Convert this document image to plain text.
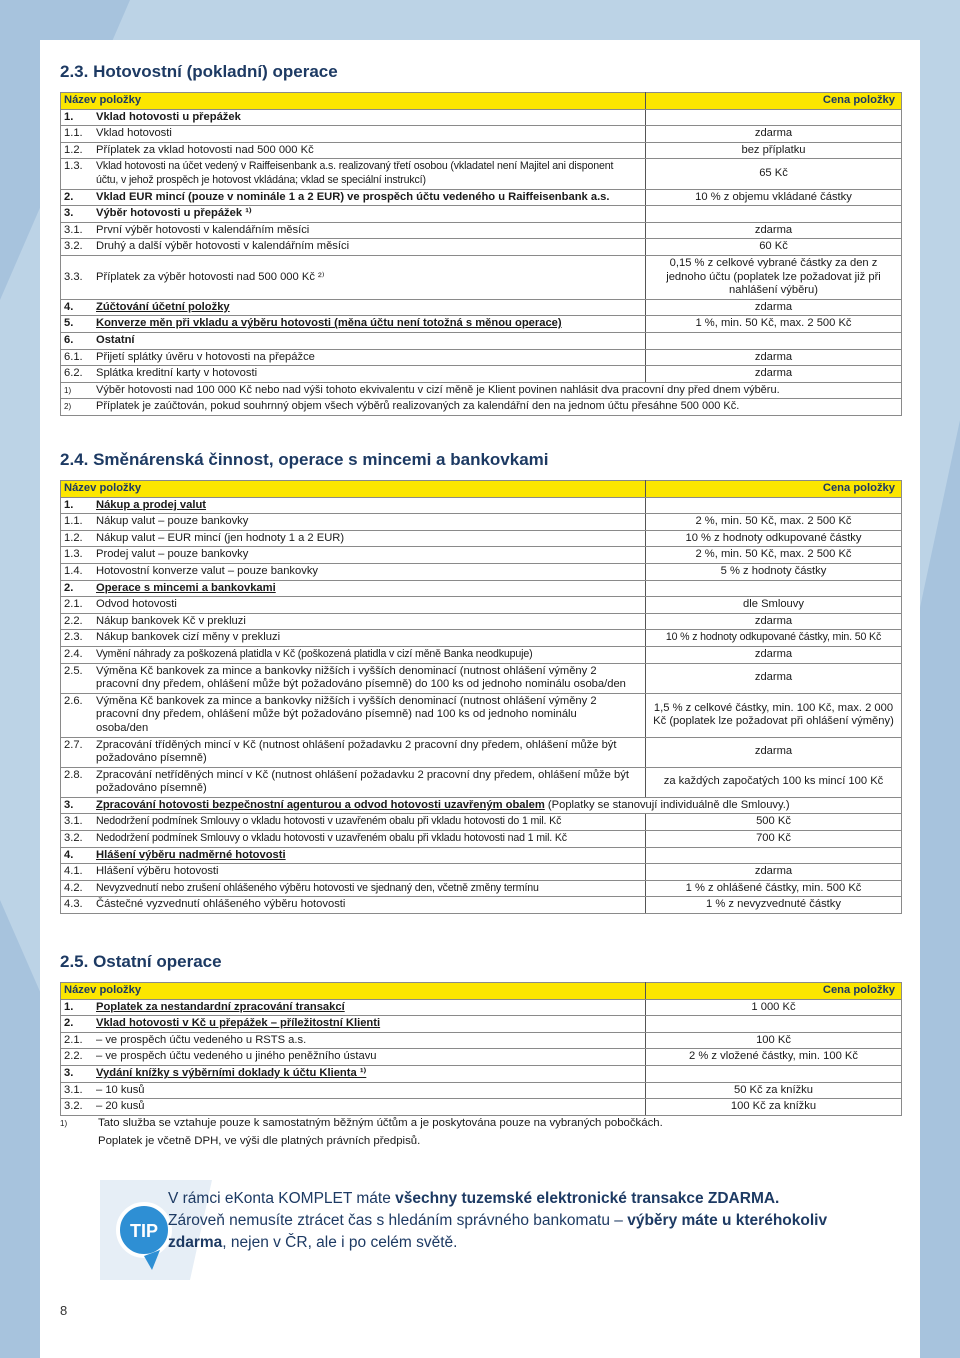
2.3. Hotovostní (pokladní) operace
Název položky	Cena položky
1. Vklad hotovosti u přepážek	
1.1. Vklad hotovosti	zdarma
1.2. Příplatek za vklad hotovosti nad 500 000 Kč	bez příplatku
1.3. Vklad hotovosti na účet vedený v Raiffeisenbank a.s. realizovaný třetí osobou (vkladatel není Majitel ani disponent účtu, v jehož prospěch je hotovost vkládána; vklad se speciální instrukcí)	65 Kč
2. Vklad EUR mincí (pouze v nominále 1 a 2 EUR) ve prospěch účtu vedeného u Raiffeisenbank a.s.	10 % z objemu vkládané částky
3. Výběr hotovosti u přepážek ¹⁾	
3.1. První výběr hotovosti v kalendářním měsíci	zdarma
3.2. Druhý a další výběr hotovosti v kalendářním měsíci	60 Kč
3.3. Příplatek za výběr hotovosti nad 500 000 Kč ²⁾	0,15 % z celkové vybrané částky za den z jednoho účtu (poplatek lze požadovat již při nahlášení výběru)
4. Zúčtování účetní položky	zdarma
5. Konverze měn při vkladu a výběru hotovosti (měna účtu není totožná s měnou operace)	1 %, min. 50 Kč, max. 2 500 Kč
6. Ostatní	
6.1. Přijetí splátky úvěru v hotovosti na přepážce	zdarma
6.2. Splátka kreditní karty v hotovosti	zdarma
1) Výběr hotovosti nad 100 000 Kč nebo nad výši tohoto ekvivalentu v cizí měně je Klient povinen nahlásit dva pracovní dny před dnem výběru.	
2) Příplatek je zaúčtován, pokud souhrnný objem všech výběrů realizovaných za kalendářní den na jednom účtu přesáhne 500 000 Kč.	
2.4. Směnárenská činnost, operace s mincemi a bankovkami
Název položky	Cena položky
1. Nákup a prodej valut	
1.1. Nákup valut – pouze bankovky	2 %, min. 50 Kč, max. 2 500 Kč
1.2. Nákup valut – EUR mincí (jen hodnoty 1 a 2 EUR)	10 % z hodnoty odkupované částky
1.3. Prodej valut – pouze bankovky	2 %, min. 50 Kč, max. 2 500 Kč
1.4. Hotovostní konverze valut – pouze bankovky	5 % z hodnoty částky
2. Operace s mincemi a bankovkami	
2.1. Odvod hotovosti	dle Smlouvy
2.2. Nákup bankovek Kč v prekluzi	zdarma
2.3. Nákup bankovek cizí měny v prekluzi	10 % z hodnoty odkupované částky, min. 50 Kč
2.4. Vymění náhrady za poškozená platidla v Kč (poškozená platidla v cizí měně Banka neodkupuje)	zdarma
2.5. Výměna Kč bankovek za mince a bankovky nižších i vyšších denominací (nutnost ohlášení výměny 2 pracovní dny předem, ohlášení může být požadováno písemně) do 100 ks od jednoho nominálu osoba/den	zdarma
2.6. Výměna Kč bankovek za mince a bankovky nižších i vyšších denominací (nutnost ohlášení výměny 2 pracovní dny předem, ohlášení může být požadováno písemně) nad 100 ks od jednoho nominálu osoba/den	1,5 % z celkové částky, min. 100 Kč, max. 2 000 Kč (poplatek lze požadovat při ohlášení výměny)
2.7. Zpracování tříděných mincí v Kč (nutnost ohlášení požadavku 2 pracovní dny předem, ohlášení může být požadováno písemně)	zdarma
2.8. Zpracování netříděných mincí v Kč (nutnost ohlášení požadavku 2 pracovní dny předem, ohlášení může být požadováno písemně)	za každých započatých 100 ks mincí 100 Kč
3. Zpracování hotovosti bezpečnostní agenturou a odvod hotovosti uzavřeným obalem (Poplatky se stanovují individuálně dle Smlouvy.)	
3.1. Nedodržení podmínek Smlouvy o vkladu hotovosti v uzavřeném obalu při vkladu hotovosti do 1 mil. Kč	500 Kč
3.2. Nedodržení podmínek Smlouvy o vkladu hotovosti v uzavřeném obalu při vkladu hotovosti nad 1 mil. Kč	700 Kč
4. Hlášení výběru nadměrné hotovosti	
4.1. Hlášení výběru hotovosti	zdarma
4.2. Nevyzvednutí nebo zrušení ohlášeného výběru hotovosti ve sjednaný den, včetně změny termínu	1 % z ohlášené částky, min. 500 Kč
4.3. Částečné vyzvednutí ohlášeného výběru hotovosti	1 % z nevyzvednuté částky
2.5. Ostatní operace
Název položky	Cena položky
1. Poplatek za nestandardní zpracování transakcí	1 000 Kč
2. Vklad hotovosti v Kč u přepážek – příležitostní Klienti	
2.1. – ve prospěch účtu vedeného u RSTS a.s.	100 Kč
2.2. – ve prospěch účtu vedeného u jiného peněžního ústavu	2 % z vložené částky, min. 100 Kč
3. Vydání knížky s výběrními doklady k účtu Klienta ¹⁾	
3.1. – 10 kusů	50 Kč za knížku
3.2. – 20 kusů	100 Kč za knížku
1)	Tato služba se vztahuje pouze k samostatným běžným účtům a je poskytována pouze na vybraných pobočkách.
Poplatek je včetně DPH, ve výši dle platných právních předpisů.
TIP
V rámci eKonta KOMPLET máte všechny tuzemské elektronické transakce ZDARMA.
Zároveň nemusíte ztrácet čas s hledáním správného bankomatu – výběry máte u kteréhokoliv zdarma, nejen v ČR, ale i po celém světě.
8
